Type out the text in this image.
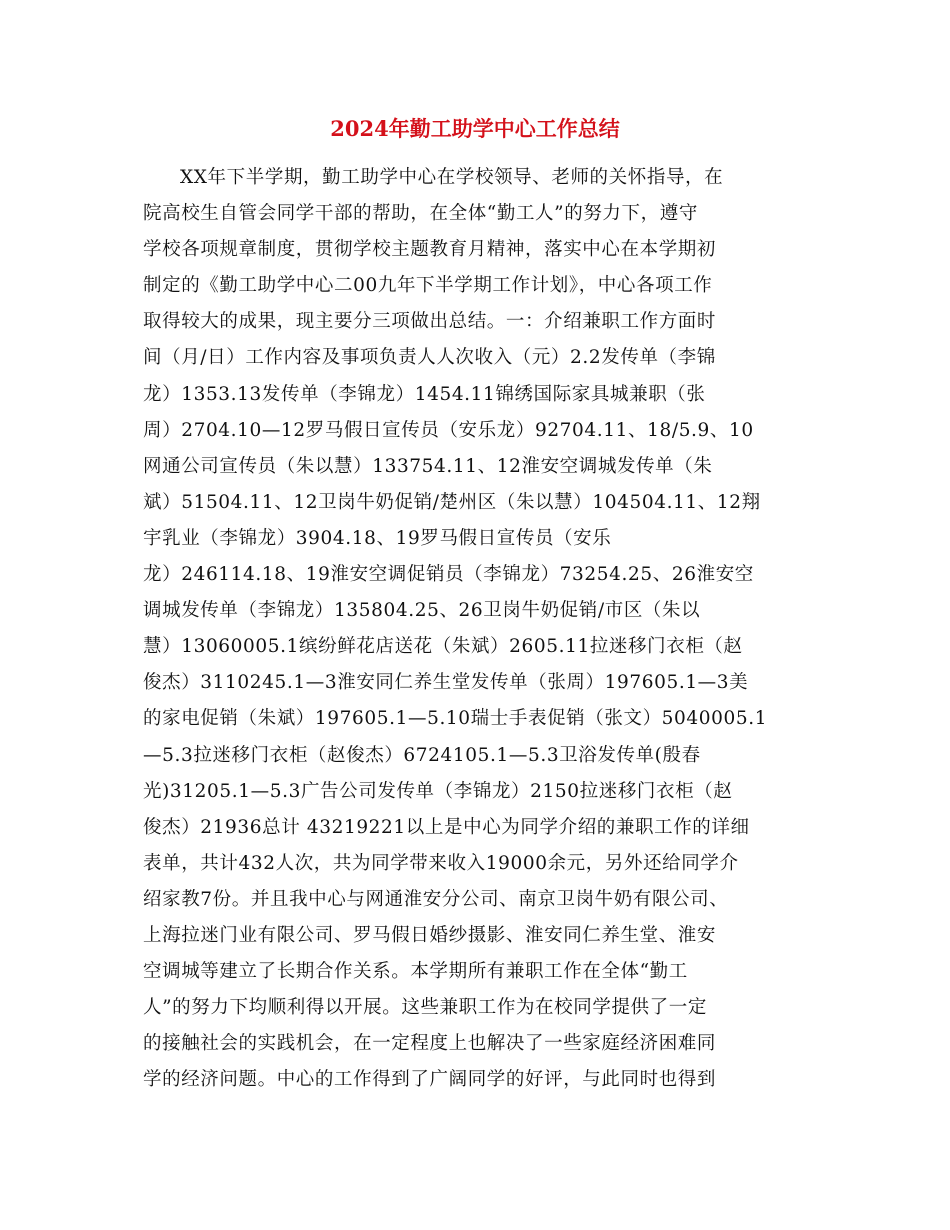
2024年勤工助学中心工作总结
XX年下半学期，勤工助学中心在学校领导、老师的关怀指导，在
院高校生自管会同学干部的帮助，在全体“勤工人”的努力下，遵守
学校各项规章制度，贯彻学校主题教育月精神，落实中心在本学期初
制定的《勤工助学中心二00九年下半学期工作计划》，中心各项工作
取得较大的成果，现主要分三项做出总结。一：介绍兼职工作方面时
间（月/日）工作内容及事项负责人人次收入（元）2.2发传单（李锦
龙）1353.13发传单（李锦龙）1454.11锦绣国际家具城兼职（张
周）2704.10—12罗马假日宣传员（安乐龙）92704.11、18/5.9、10
网通公司宣传员（朱以慧）133754.11、12淮安空调城发传单（朱
斌）51504.11、12卫岗牛奶促销/楚州区（朱以慧）104504.11、12翔
宇乳业（李锦龙）3904.18、19罗马假日宣传员（安乐
龙）246114.18、19淮安空调促销员（李锦龙）73254.25、26淮安空
调城发传单（李锦龙）135804.25、26卫岗牛奶促销/市区（朱以
慧）13060005.1缤纷鲜花店送花（朱斌）2605.11拉迷移门衣柜（赵
俊杰）3110245.1—3淮安同仁养生堂发传单（张周）197605.1—3美
的家电促销（朱斌）197605.1—5.10瑞士手表促销（张文）5040005.1
—5.3拉迷移门衣柜（赵俊杰）6724105.1—5.3卫浴发传单(殷春
光)31205.1—5.3广告公司发传单（李锦龙）2150拉迷移门衣柜（赵
俊杰）21936总计 43219221以上是中心为同学介绍的兼职工作的详细
表单，共计432人次，共为同学带来收入19000余元，另外还给同学介
绍家教7份。并且我中心与网通淮安分公司、南京卫岗牛奶有限公司、
上海拉迷门业有限公司、罗马假日婚纱摄影、淮安同仁养生堂、淮安
空调城等建立了长期合作关系。本学期所有兼职工作在全体“勤工
人”的努力下均顺利得以开展。这些兼职工作为在校同学提供了一定
的接触社会的实践机会，在一定程度上也解决了一些家庭经济困难同
学的经济问题。中心的工作得到了广阔同学的好评，与此同时也得到
